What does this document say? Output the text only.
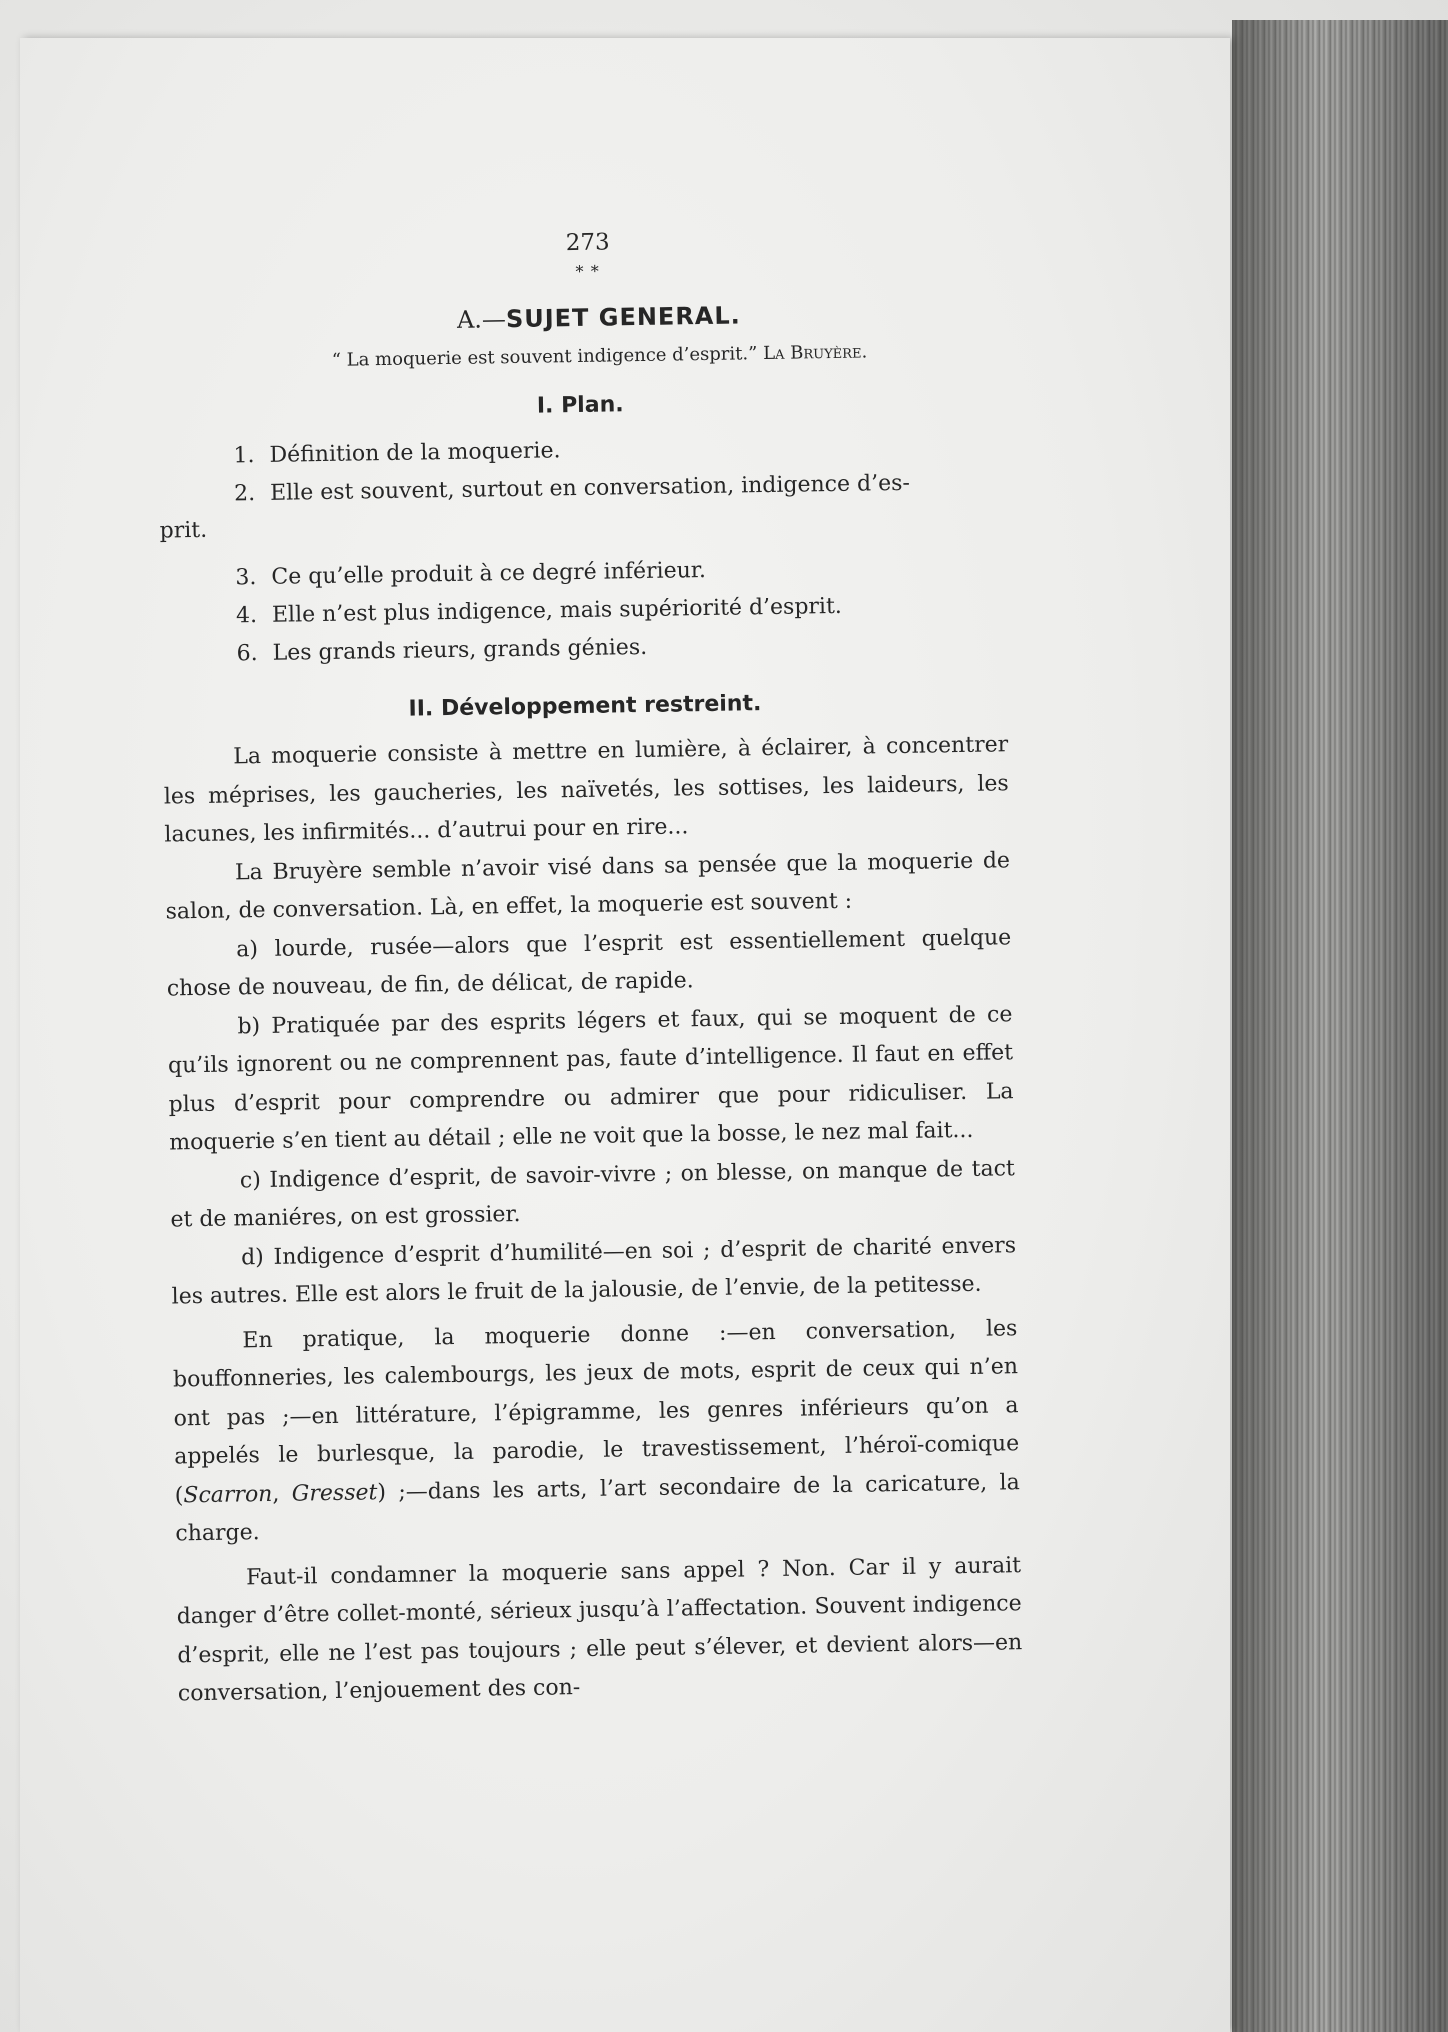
273
* *
A.—SUJET GENERAL.
“ La moquerie est souvent indigence d’esprit.” La Bruyère.
I. Plan.
1. Définition de la moquerie.
2. Elle est souvent, surtout en conversation, indigence d’es-
prit.
3. Ce qu’elle produit à ce degré inférieur.
4. Elle n’est plus indigence, mais supériorité d’esprit.
6. Les grands rieurs, grands génies.
II. Développement restreint.

La moquerie consiste à mettre en lumière, à éclairer, à concentrer les méprises, les gaucheries, les naïvetés, les sottises, les laideurs, les lacunes, les infirmités... d’autrui pour en rire...

La Bruyère semble n’avoir visé dans sa pensée que la moquerie de salon, de conversation. Là, en effet, la moquerie est souvent :

a) lourde, rusée—alors que l’esprit est essentiellement quelque chose de nouveau, de fin, de délicat, de rapide.

b) Pratiquée par des esprits légers et faux, qui se moquent de ce qu’ils ignorent ou ne comprennent pas, faute d’intelligence. Il faut en effet plus d’esprit pour comprendre ou admirer que pour ridiculiser. La moquerie s’en tient au détail ; elle ne voit que la bosse, le nez mal fait...

c) Indigence d’esprit, de savoir-vivre ; on blesse, on manque de tact et de maniéres, on est grossier.

d) Indigence d’esprit d’humilité—en soi ; d’esprit de charité envers les autres. Elle est alors le fruit de la jalousie, de l’envie, de la petitesse.

En pratique, la moquerie donne :—en conversation, les bouffonneries, les calembourgs, les jeux de mots, esprit de ceux qui n’en ont pas ;—en littérature, l’épigramme, les genres inférieurs qu’on a appelés le burlesque, la parodie, le travestissement, l’héroï-comique (Scarron, Gresset) ;—dans les arts, l’art secondaire de la caricature, la charge.

Faut-il condamner la moquerie sans appel ? Non. Car il y aurait danger d’être collet-monté, sérieux jusqu’à l’affectation. Souvent indigence d’esprit, elle ne l’est pas toujours ; elle peut s’élever, et devient alors—en conversation, l’enjouement des con-
